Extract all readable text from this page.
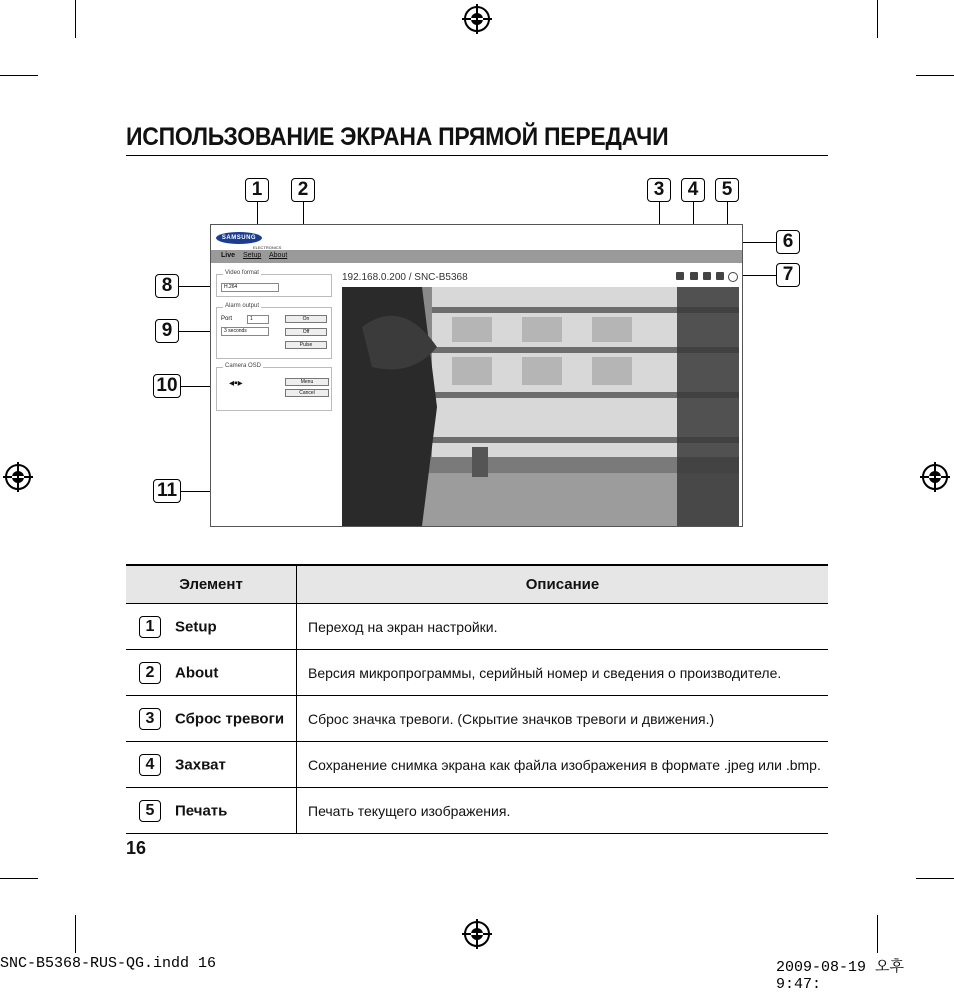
ИСПОЛЬЗОВАНИЕ ЭКРАНА ПРЯМОЙ ПЕРЕДАЧИ
1	2	3	4	5
6
7
8
9
10
11
SAMSUNG
ELECTRONICS
Live Setup About
192.168.0.200 / SNC-B5368
Video format
H.264
Alarm output
Port	1
3 seconds
On
Off
Pulse
Camera OSD
◂▪▸	Menu
Cancel
Элемент	Описание
1 Setup	Переход на экран настройки.
2 About	Версия микропрограммы, серийный номер и сведения о производителе.
3 Сброс тревоги	Сброс значка тревоги. (Скрытие значков тревоги и движения.)
4 Захват	Сохранение снимка экрана как файла изображения в формате .jpeg или .bmp.
5 Печать	Печать текущего изображения.
16
SNC-B5368-RUS-QG.indd 16	2009-08-19 오후 9:47:
